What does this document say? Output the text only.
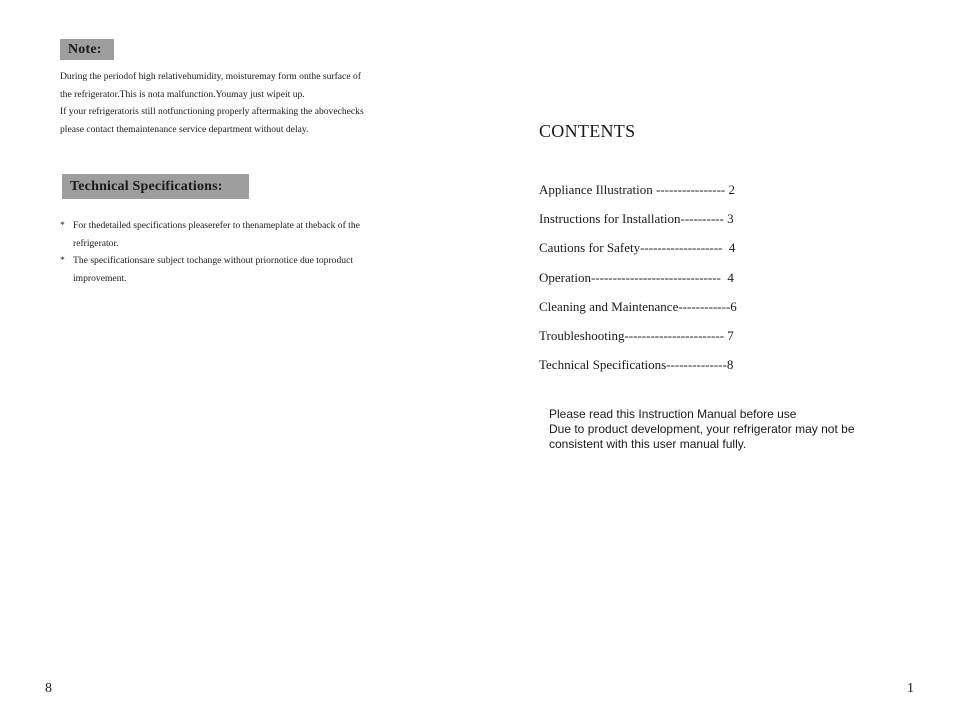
Note:
During the periodof high relativehumidity, moisturemay form onthe surface of
the refrigerator.This is nota malfunction.Youmay just wipeit up.
If your refrigeratoris still notfunctioning properly aftermaking the abovechecks
please contact themaintenance service department without delay.
Technical Specifications:
* For thedetailed specifications pleaserefer to thenameplate at theback of the
refrigerator.
* The specificationsare subject tochange without priornotice due toproduct
improvement.
8
CONTENTS
Appliance Illustration ---------------- 2
Instructions for Installation---------- 3
Cautions for Safety-------------------  4
Operation------------------------------  4
Cleaning and Maintenance------------6
Troubleshooting----------------------- 7
Technical Specifications--------------8
Please read this Instruction Manual before use
Due to product development, your refrigerator may not be
consistent with this user manual fully.
1
